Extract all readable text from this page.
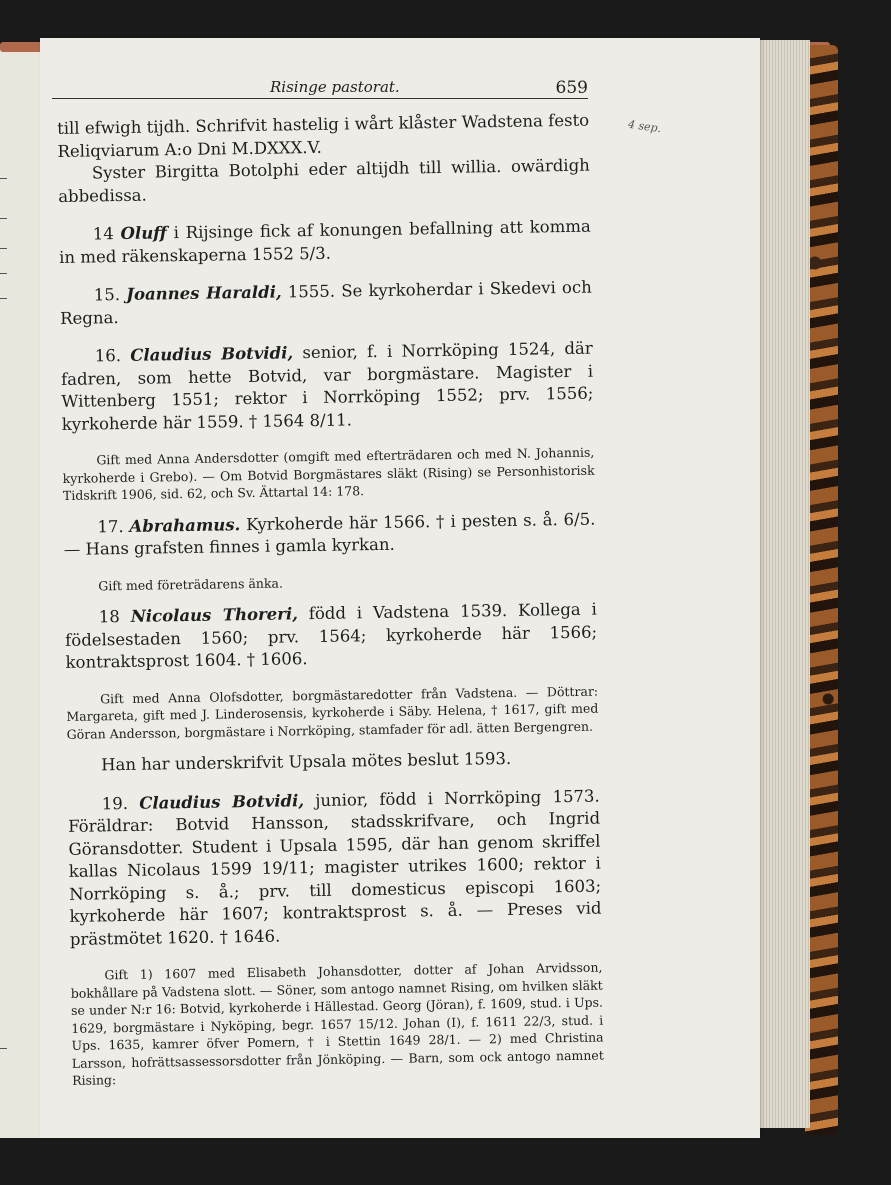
Risinge pastorat.	659
4 sep.

till efwigh tijdh. Schrifvit hastelig i wårt klåster Wadstena festo Reliqviarum A:o Dni M.DXXX.V.

Syster Birgitta Botolphi eder altijdh till willia. owärdigh abbedissa.

14 Oluff i Rijsinge fick af konungen befallning att komma in med räkenskaperna 1552 5/3.

15. Joannes Haraldi, 1555. Se kyrkoherdar i Skedevi och Regna.

16. Claudius Botvidi, senior, f. i Norrköping 1524, där fadren, som hette Botvid, var borgmästare. Magister i Wittenberg 1551; rektor i Norrköping 1552; prv. 1556; kyrkoherde här 1559. † 1564 8/11.

Gift med Anna Andersdotter (omgift med efterträdaren och med N. Johannis, kyrkoherde i Grebo). — Om Botvid Borgmästares släkt (Rising) se Personhistorisk Tidskrift 1906, sid. 62, och Sv. Ättartal 14: 178.

17. Abrahamus. Kyrkoherde här 1566. † i pesten s. å. 6/5. — Hans grafsten finnes i gamla kyrkan.

Gift med företrädarens änka.

18 Nicolaus Thoreri, född i Vadstena 1539. Kollega i födelsestaden 1560; prv. 1564; kyrkoherde här 1566; kontraktsprost 1604. † 1606.

Gift med Anna Olofsdotter, borgmästaredotter från Vadstena. — Döttrar: Margareta, gift med J. Linderosensis, kyrkoherde i Säby. Helena, † 1617, gift med Göran Andersson, borgmästare i Norrköping, stamfader för adl. ätten Bergengren.

Han har underskrifvit Upsala mötes beslut 1593.

19. Claudius Botvidi, junior, född i Norrköping 1573. Föräldrar: Botvid Hansson, stadsskrifvare, och Ingrid Göransdotter. Student i Upsala 1595, där han genom skriffel kallas Nicolaus 1599 19/11; magister utrikes 1600; rektor i Norrköping s. å.; prv. till domesticus episcopi 1603; kyrkoherde här 1607; kontraktsprost s. å. — Preses vid prästmötet 1620. † 1646.

Gift 1) 1607 med Elisabeth Johansdotter, dotter af Johan Arvidsson, bokhållare på Vadstena slott. — Söner, som antogo namnet Rising, om hvilken släkt se under N:r 16: Botvid, kyrkoherde i Hällestad. Georg (Jöran), f. 1609, stud. i Ups. 1629, borgmästare i Nyköping, begr. 1657 15/12. Johan (I), f. 1611 22/3, stud. i Ups. 1635, kamrer öfver Pomern, † i Stettin 1649 28/1. — 2) med Christina Larsson, hofrättsassessorsdotter från Jönköping. — Barn, som ock antogo namnet Rising:
